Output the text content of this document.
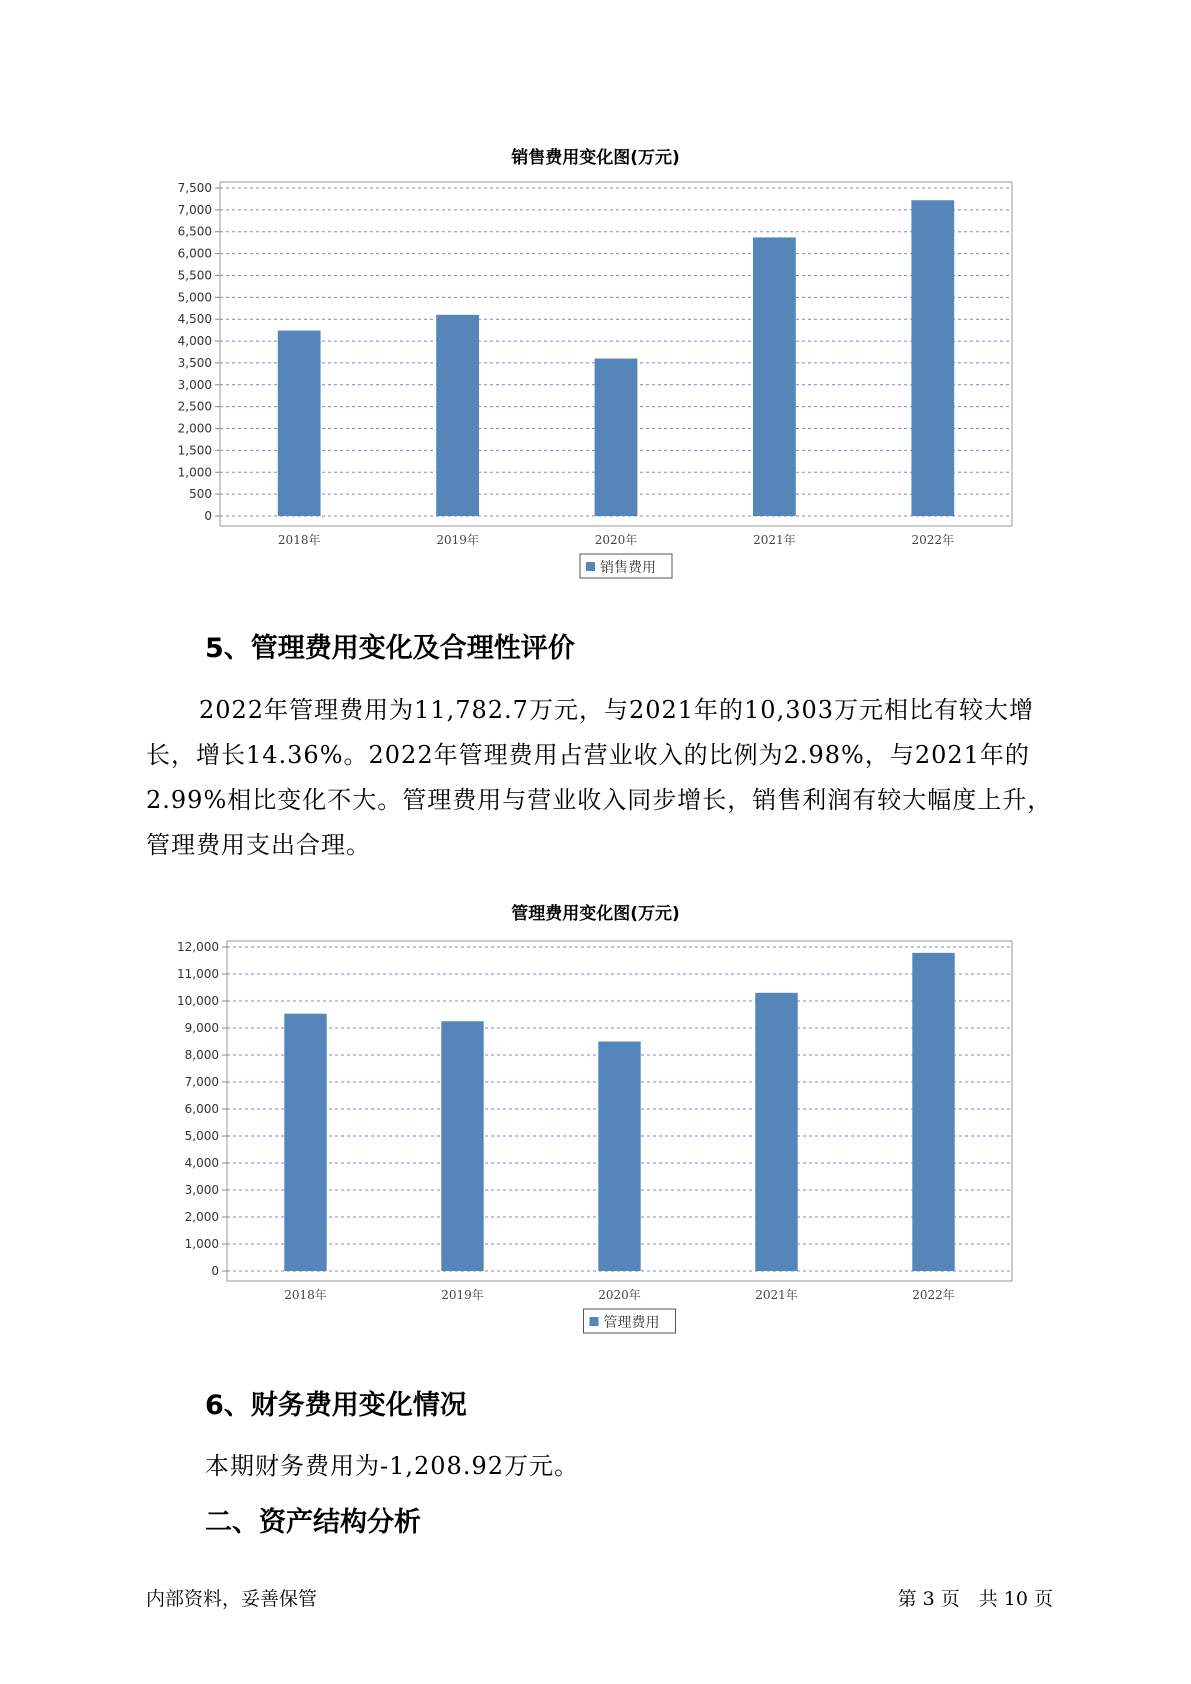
销售费用变化图(万元)
0
500
1,000
1,500
2,000
2,500
3,000
3,500
4,000
4,500
5,000
5,500
6,000
6,500
7,000
7,500
2018年	2019年	2020年	2021年	2022年
销售费用
5、管理费用变化及合理性评价
2022年管理费用为11,782.7万元，与2021年的10,303万元相比有较大增长，增长14.36%。2022年管理费用占营业收入的比例为2.98%，与2021年的2.99%相比变化不大。管理费用与营业收入同步增长，销售利润有较大幅度上升，管理费用支出合理。
管理费用变化图(万元)
0
1,000
2,000
3,000
4,000
5,000
6,000
7,000
8,000
9,000
10,000
11,000
12,000
2018年	2019年	2020年	2021年	2022年
管理费用
6、财务费用变化情况
本期财务费用为-1,208.92万元。
二、资产结构分析
内部资料，妥善保管	第 3 页　共 10 页
